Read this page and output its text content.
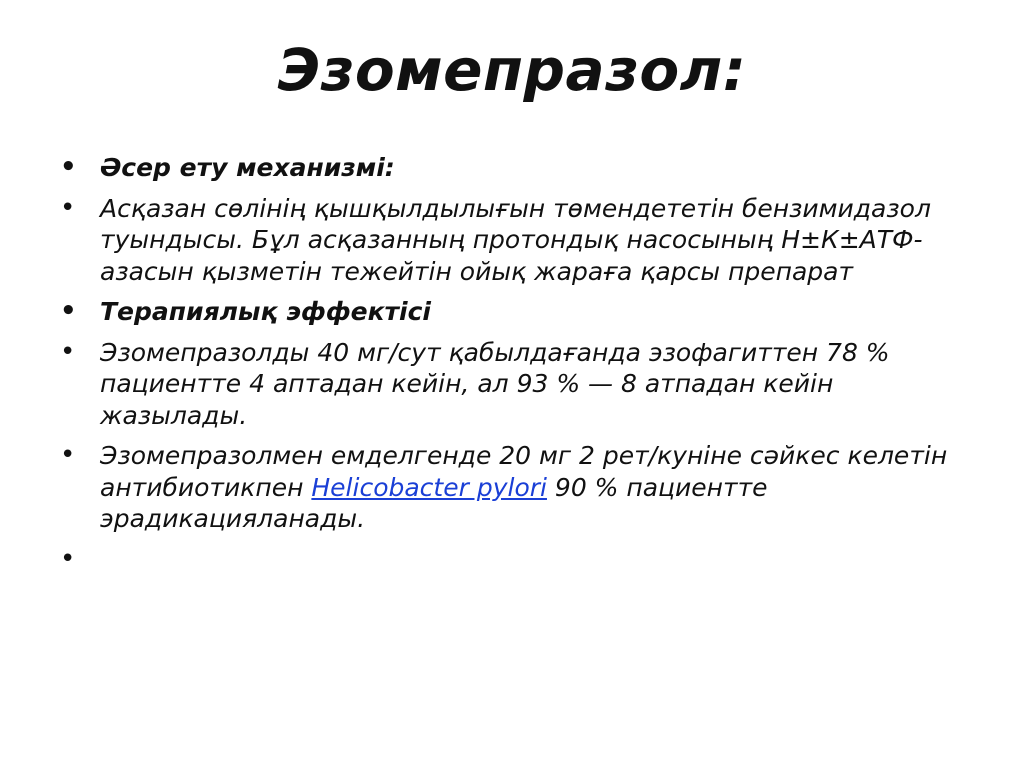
Эзомепразол:
• Әсер ету механизмі:
• Асқазан сөлінің қышқылдылығын төмендететін бензимидазол туындысы. Бұл асқазанның протондық насосының Н±К±АТФ-азасын қызметін тежейтін ойық жараға қарсы препарат
• Терапиялық эффектісі
• Эзомепразолды 40 мг/сут қабылдағанда эзофагиттен 78 % пациентте 4 аптадан кейін, ал 93 % — 8 атпадан кейін жазылады.
• Эзомепразолмен емделгенде 20 мг 2 рет/куніне сәйкес келетін антибиотикпен Helicobacter pylori 90 % пациентте эрадикацияланады.
•
